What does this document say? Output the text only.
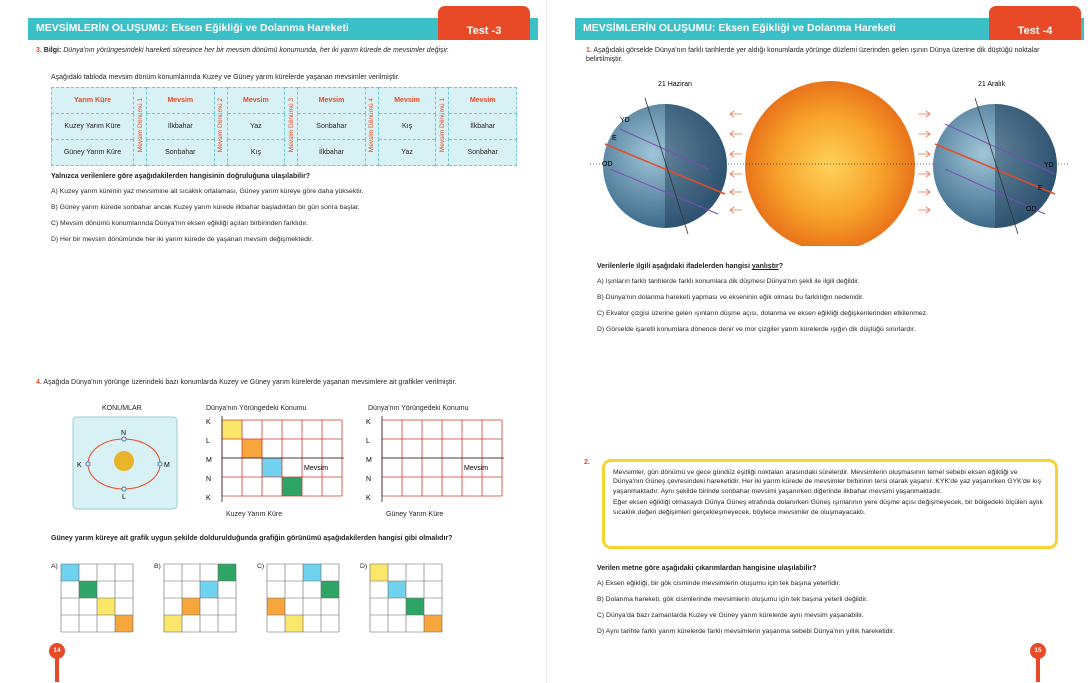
MEVSİMLERİN OLUŞUMU: Eksen Eğikliği ve Dolanma Hareketi	Test -3
3. Bilgi: Dünya'nın yörüngesindeki hareketi süresince her bir mevsim dönümü konumunda, her iki yarım kürede de mevsimler değişir.
Aşağıdaki tabloda mevsim dönüm konumlarında Kuzey ve Güney yarım kürelerde yaşanan mevsimler verilmiştir.
Yarım Küre	Mevsim Dönümü 1	Mevsim	Mevsim Dönümü 2	Mevsim	Mevsim Dönümü 3	Mevsim	Mevsim Dönümü 4	Mevsim	Mevsim Dönümü 1	Mevsim
Kuzey Yarım Küre		İlkbahar		Yaz		Sonbahar		Kış		İlkbahar
Güney Yarım Küre		Sonbahar		Kış		İlkbahar		Yaz		Sonbahar
Yalnızca verilenlere göre aşağıdakilerden hangisinin doğruluğuna ulaşılabilir?
A) Kuzey yarım kürenin yaz mevsimine ait sıcaklık ortalaması, Güney yarım küreye göre daha yüksektir.
B) Güney yarım kürede sonbahar ancak Kuzey yarım kürede ilkbahar başladıktan bir gün sonra başlar.
C) Mevsim dönümü konumlarında Dünya'nın eksen eğikliği açıları birbirinden farklıdır.
D) Her bir mevsim dönümünde her iki yarım kürede de yaşanan mevsim değişmektedir.
4. Aşağıda Dünya'nın yörünge üzerindeki bazı konumlarda Kuzey ve Güney yarım kürelerde yaşanan mevsimlere ait grafikler verilmiştir.
KONUMLAR
N
K	M
L
Dünya'nın Yörüngedeki Konumu	Dünya'nın Yörüngedeki Konumu
Kuzey Yarım Küre	Güney Yarım Küre
K
L
M
N
K
Mevsim
K
L
M
N
K
Mevsim
Güney yarım küreye ait grafik uygun şekilde doldurulduğunda grafiğin görünümü aşağıdakilerden hangisi gibi olmalıdır?
A)	B)	C)	D)
14
MEVSİMLERİN OLUŞUMU: Eksen Eğikliği ve Dolanma Hareketi	Test -4
1. Aşağıdaki görselde Dünya'nın farklı tarihlerde yer aldığı konumlarda yörünge düzlemi üzerinden gelen ışının Dünya üzerine dik düştüğü noktalar belirtilmiştir.
21 Haziran	21 Aralık
YD
E
OD	YD
E
OD
Verilenlerle ilgili aşağıdaki ifadelerden hangisi yanlıştır?
A) Işınların farklı tarihlerde farklı konumlara dik düşmesi Dünya'nın şekli ile ilgili değildir.
B) Dünya'nın dolanma hareketi yapması ve ekseninin eğik olması bu farklılığın nedenidir.
C) Ekvator çizgisi üzerine gelen ışınların düşme açısı, dolanma ve eksen eğikliği değişkenlerinden etkilenmez.
D) Görselde işaretli konumlara dönence denir ve mor çizgiler yarım kürelerde ışığın dik düştüğü sınırlardır.
2.

Mevsimler, gün dönümü ve gece gündüz eşitliği noktaları arasındaki sürelerdir. Mevsimlerin oluşmasının temel sebebi eksen eğikliği ve Dünya'nın Güneş çevresindeki hareketidir. Her iki yarım kürede de mevsimler birbirinin tersi olarak yaşanır. KYK'de yaz yaşanırken GYK'de kış yaşanmaktadır. Aynı şekilde birinde sonbahar mevsimi yaşanırken diğerinde ilkbahar mevsimi yaşanmaktadır.

Eğer eksen eğikliği olmasaydı Dünya Güneş etrafında dolanırken Güneş ışınlarının yere düşme açısı değişmeyecek, bir bölgedeki ölçülen aylık sıcaklık değeri değişimleri gerçekleşmeyecek, böylece mevsimler de oluşmayacaktı.

Verilen metne göre aşağıdaki çıkarımlardan hangisine ulaşılabilir?
A) Eksen eğikliği, bir gök cisminde mevsimlerin oluşumu için tek başına yeterlidir.
B) Dolanma hareketi, gök cisimlerinde mevsimlerin oluşumu için tek başına yeterli değildir.
C) Dünya'da bazı zamanlarda Kuzey ve Güney yarım kürelerde aynı mevsim yaşanabilir.
D) Aynı tarihte farklı yarım kürelerde farklı mevsimlerin yaşanma sebebi Dünya'nın yıllık hareketidir.
15
